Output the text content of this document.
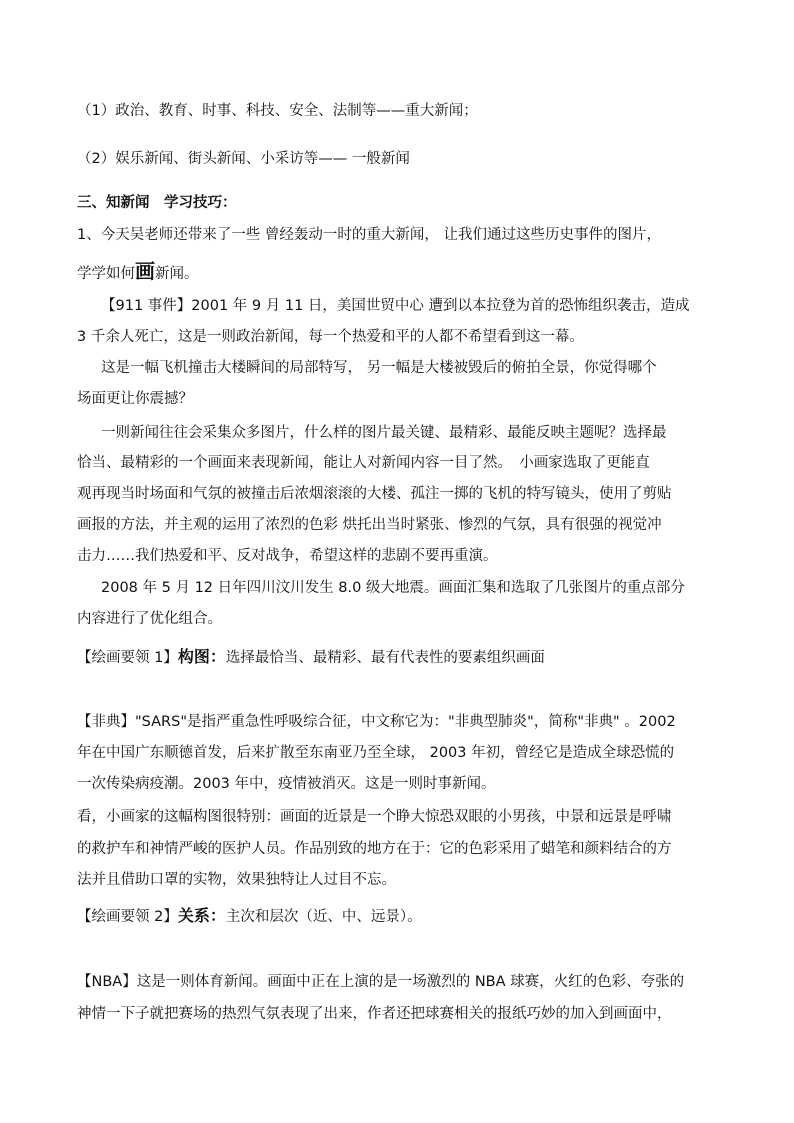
（1）政治、教育、时事、科技、安全、法制等——重大新闻；
（2）娱乐新闻、街头新闻、小采访等—— 一般新闻
三、知新闻　学习技巧：
1、今天吴老师还带来了一些 曾经轰动一时的重大新闻， 让我们通过这些历史事件的图片，
学学如何画新闻。
【911 事件】2001 年 9 月 11 日，美国世贸中心 遭到以本拉登为首的恐怖组织袭击，造成
3 千余人死亡，这是一则政治新闻，每一个热爱和平的人都不希望看到这一幕。
这是一幅飞机撞击大楼瞬间的局部特写， 另一幅是大楼被毁后的俯拍全景，你觉得哪个
场面更让你震撼？
一则新闻往往会采集众多图片，什么样的图片最关键、最精彩、最能反映主题呢？选择最
恰当、最精彩的一个画面来表现新闻，能让人对新闻内容一目了然。　小画家选取了更能直
观再现当时场面和气氛的被撞击后浓烟滚滚的大楼、孤注一掷的飞机的特写镜头，使用了剪贴
画报的方法，并主观的运用了浓烈的色彩 烘托出当时紧张、惨烈的气氛，具有很强的视觉冲
击力……我们热爱和平、反对战争，希望这样的悲剧不要再重演。
2008 年 5 月 12 日年四川汶川发生 8.0 级大地震。画面汇集和选取了几张图片的重点部分
内容进行了优化组合。
【绘画要领 1】构图：选择最恰当、最精彩、最有代表性的要素组织画面
【非典】"SARS"是指严重急性呼吸综合征，中文称它为："非典型肺炎"，简称"非典" 。2002
年在中国广东顺德首发，后来扩散至东南亚乃至全球， 2003 年初，曾经它是造成全球恐慌的
一次传染病疫潮。2003 年中，疫情被消灭。这是一则时事新闻。
看，小画家的这幅构图很特别：画面的近景是一个睁大惊恐双眼的小男孩，中景和远景是呼啸
的救护车和神情严峻的医护人员。作品别致的地方在于：它的色彩采用了蜡笔和颜料结合的方
法并且借助口罩的实物，效果独特让人过目不忘。
【绘画要领 2】关系：主次和层次（近、中、远景）。
【NBA】这是一则体育新闻。画面中正在上演的是一场激烈的 NBA 球赛，火红的色彩、夸张的
神情一下子就把赛场的热烈气氛表现了出来，作者还把球赛相关的报纸巧妙的加入到画面中，
